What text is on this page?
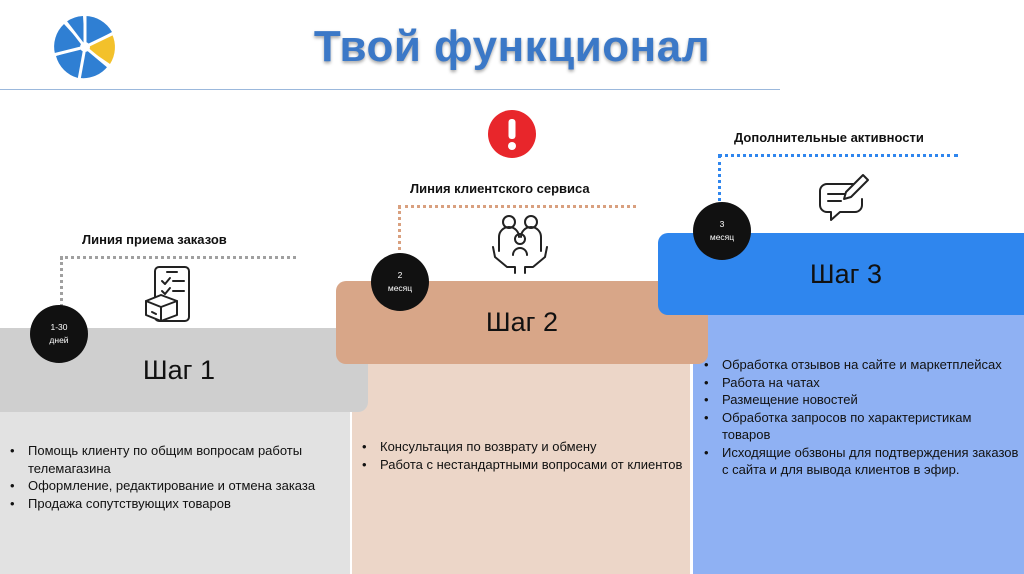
Твой функционал
Шаг 1
Шаг 2
Шаг 3
Линия приема заказов
Линия клиентского сервиса
Дополнительные активности
1-30
дней
2
месяц
3
месяц
• Помощь клиенту по общим вопросам работы телемагазина
• Оформление, редактирование и отмена заказа
• Продажа сопутствующих товаров
• Консультация по возврату и обмену
• Работа с нестандартными вопросами от клиентов
• Обработка отзывов на сайте и маркетплейсах
• Работа на чатах
• Размещение новостей
• Обработка запросов по характеристикам товаров
• Исходящие обзвоны для подтверждения заказов с сайта и для вывода клиентов в эфир.
